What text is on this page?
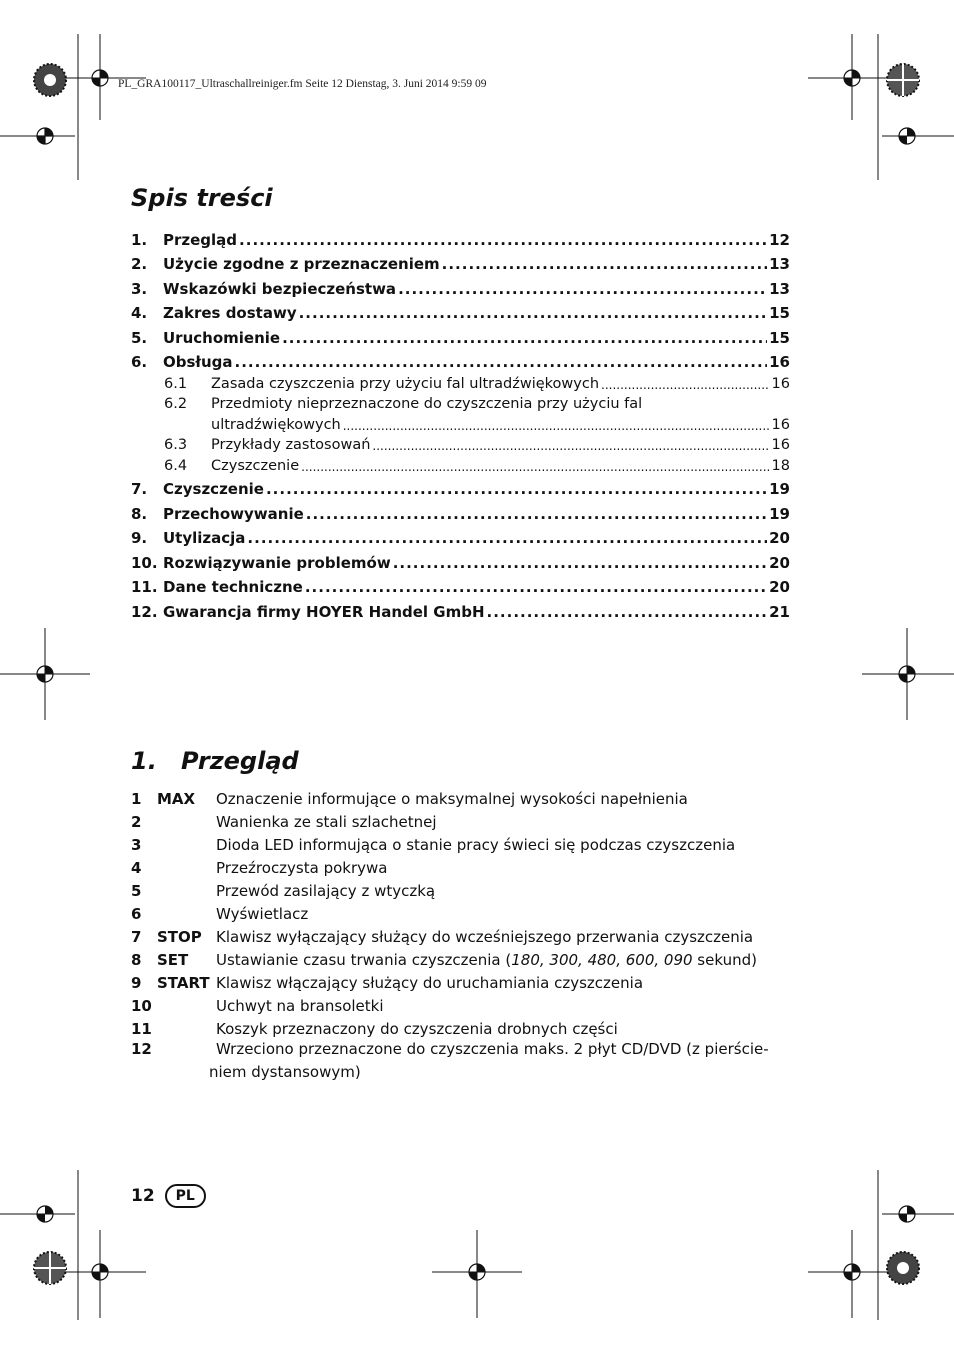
PL_GRA100117_Ultraschallreiniger.fm Seite 12 Dienstag, 3. Juni 2014 9:59 09
Spis treści
1.	Przegląd .....	12
2.	Użycie zgodne z przeznaczeniem .....	13
3.	Wskazówki bezpieczeństwa .....	13
4.	Zakres dostawy .....	15
5.	Uruchomienie .....	15
6.	Obsługa .....	16
6.1	Zasada czyszczenia przy użyciu fal ultradźwiękowych .....	16
6.2	Przedmioty nieprzeznaczone do czyszczenia przy użyciu fal
ultradźwiękowych .....	16
6.3	Przykłady zastosowań .....	16
6.4	Czyszczenie .....	18
7.	Czyszczenie .....	19
8.	Przechowywanie .....	19
9.	Utylizacja .....	20
10. Rozwiązywanie problemów .....	20
11. Dane techniczne .....	20
12. Gwarancja firmy HOYER Handel GmbH .....	21
1. Przegląd
1	MAX	Oznaczenie informujące o maksymalnej wysokości napełnienia
2	Wanienka ze stali szlachetnej
3	Dioda LED informująca o stanie pracy świeci się podczas czyszczenia
4	Przeźroczysta pokrywa
5	Przewód zasilający z wtyczką
6	Wyświetlacz
7	STOP Klawisz wyłączający służący do wcześniejszego przerwania czyszczenia
8	SET	Ustawianie czasu trwania czyszczenia (180, 300, 480, 600, 090 sekund)
9	START Klawisz włączający służący do uruchamiania czyszczenia
10	Uchwyt na bransoletki
11	Koszyk przeznaczony do czyszczenia drobnych części
12	Wrzeciono przeznaczone do czyszczenia maks. 2 płyt CD/DVD (z pierście-
niem dystansowym)
12	PL
